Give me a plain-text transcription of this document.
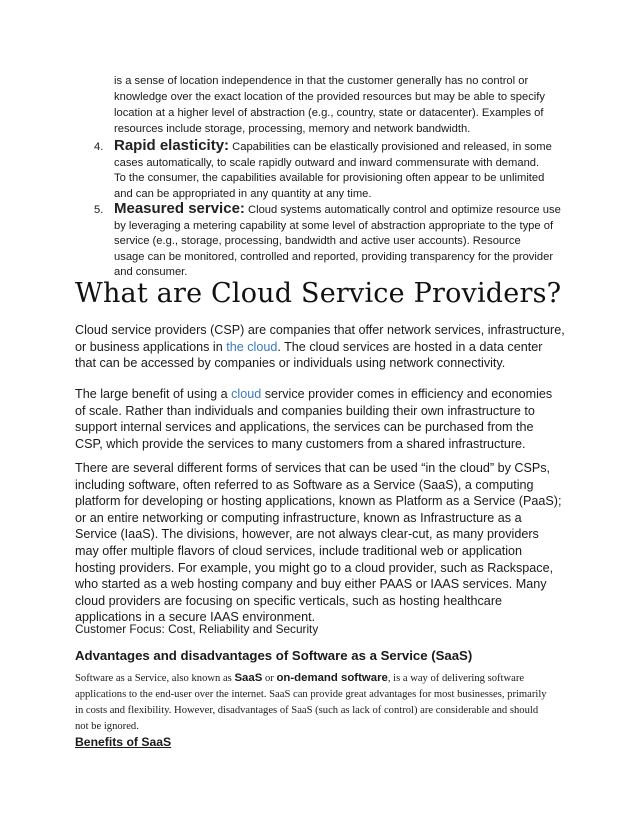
is a sense of location independence in that the customer generally has no control or
knowledge over the exact location of the provided resources but may be able to specify
location at a higher level of abstraction (e.g., country, state or datacenter). Examples of
resources include storage, processing, memory and network bandwidth.
4. Rapid elasticity: Capabilities can be elastically provisioned and released, in some
cases automatically, to scale rapidly outward and inward commensurate with demand.
To the consumer, the capabilities available for provisioning often appear to be unlimited
and can be appropriated in any quantity at any time.
5. Measured service: Cloud systems automatically control and optimize resource use
by leveraging a metering capability at some level of abstraction appropriate to the type of
service (e.g., storage, processing, bandwidth and active user accounts). Resource
usage can be monitored, controlled and reported, providing transparency for the provider
and consumer.
What are Cloud Service Providers?
Cloud service providers (CSP) are companies that offer network services, infrastructure,
or business applications in the cloud. The cloud services are hosted in a data center
that can be accessed by companies or individuals using network connectivity.
The large benefit of using a cloud service provider comes in efficiency and economies
of scale. Rather than individuals and companies building their own infrastructure to
support internal services and applications, the services can be purchased from the
CSP, which provide the services to many customers from a shared infrastructure.
There are several different forms of services that can be used “in the cloud” by CSPs,
including software, often referred to as Software as a Service (SaaS), a computing
platform for developing or hosting applications, known as Platform as a Service (PaaS);
or an entire networking or computing infrastructure, known as Infrastructure as a
Service (IaaS). The divisions, however, are not always clear-cut, as many providers
may offer multiple flavors of cloud services, include traditional web or application
hosting providers. For example, you might go to a cloud provider, such as Rackspace,
who started as a web hosting company and buy either PAAS or IAAS services. Many
cloud providers are focusing on specific verticals, such as hosting healthcare
applications in a secure IAAS environment.
Customer Focus: Cost, Reliability and Security
Advantages and disadvantages of Software as a Service (SaaS)
Software as a Service, also known as SaaS or on-demand software, is a way of delivering software
applications to the end-user over the internet. SaaS can provide great advantages for most businesses, primarily
in costs and flexibility. However, disadvantages of SaaS (such as lack of control) are considerable and should
not be ignored.
Benefits of SaaS
